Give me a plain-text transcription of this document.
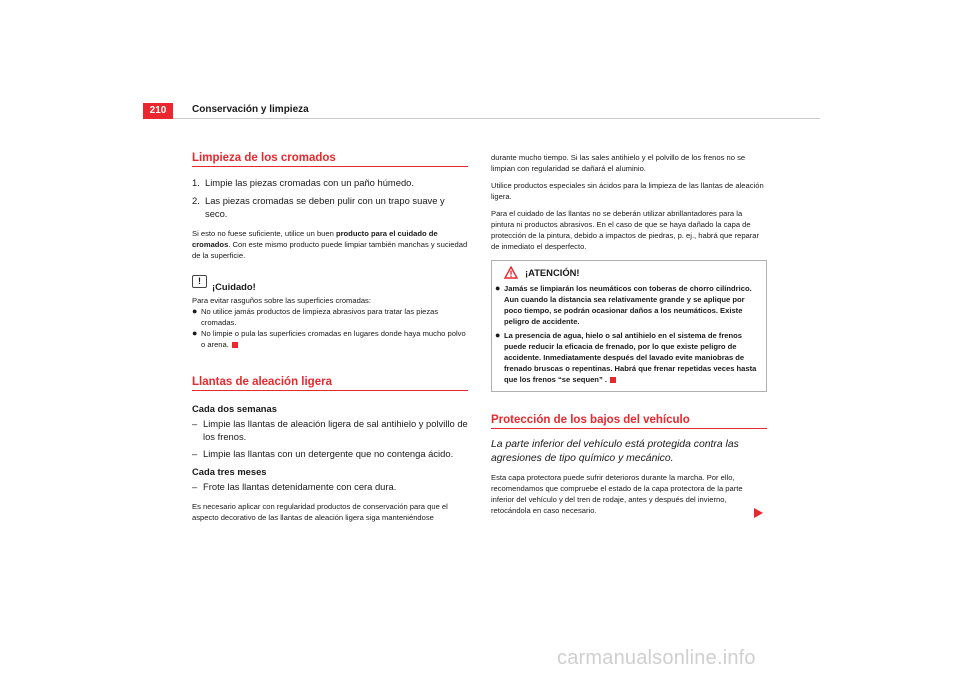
210	Conservación y limpieza
Limpieza de los cromados
1. Limpie las piezas cromadas con un paño húmedo.
2. Las piezas cromadas se deben pulir con un trapo suave y seco.

Si esto no fuese suficiente, utilice un buen producto para el cuidado de cromados. Con este mismo producto puede limpiar también manchas y suciedad de la superficie.

!	¡Cuidado!

Para evitar rasguños sobre las superficies cromadas:

● No utilice jamás productos de limpieza abrasivos para tratar las piezas cromadas.
● No limpie o pula las superficies cromadas en lugares donde haya mucho polvo o arena.
Llantas de aleación ligera
Cada dos semanas
– Limpie las llantas de aleación ligera de sal antihielo y polvillo de los frenos.
– Limpie las llantas con un detergente que no contenga ácido.
Cada tres meses
– Frote las llantas detenidamente con cera dura.

Es necesario aplicar con regularidad productos de conservación para que el aspecto decorativo de las llantas de aleación ligera siga manteniéndose

durante mucho tiempo. Si las sales antihielo y el polvillo de los frenos no se limpian con regularidad se dañará el aluminio.

Utilice productos especiales sin ácidos para la limpieza de las llantas de aleación ligera.

Para el cuidado de las llantas no se deberán utilizar abrillantadores para la pintura ni productos abrasivos. En el caso de que se haya dañado la capa de protección de la pintura, debido a impactos de piedras, p. ej., habrá que reparar de inmediato el desperfecto.

¡ATENCIÓN!
● Jamás se limpiarán los neumáticos con toberas de chorro cilíndrico. Aun cuando la distancia sea relativamente grande y se aplique por poco tiempo, se podrán ocasionar daños a los neumáticos. Existe peligro de accidente.
● La presencia de agua, hielo o sal antihielo en el sistema de frenos puede reducir la eficacia de frenado, por lo que existe peligro de accidente. Inmediatamente después del lavado evite maniobras de frenado bruscas o repentinas. Habrá que frenar repetidas veces hasta que los frenos “se sequen” .
Protección de los bajos del vehículo

La parte inferior del vehículo está protegida contra las agresiones de tipo químico y mecánico.

Esta capa protectora puede sufrir deterioros durante la marcha. Por ello, recomendamos que compruebe el estado de la capa protectora de la parte inferior del vehículo y del tren de rodaje, antes y después del invierno, retocándola en caso necesario.

carmanualsonline.info
